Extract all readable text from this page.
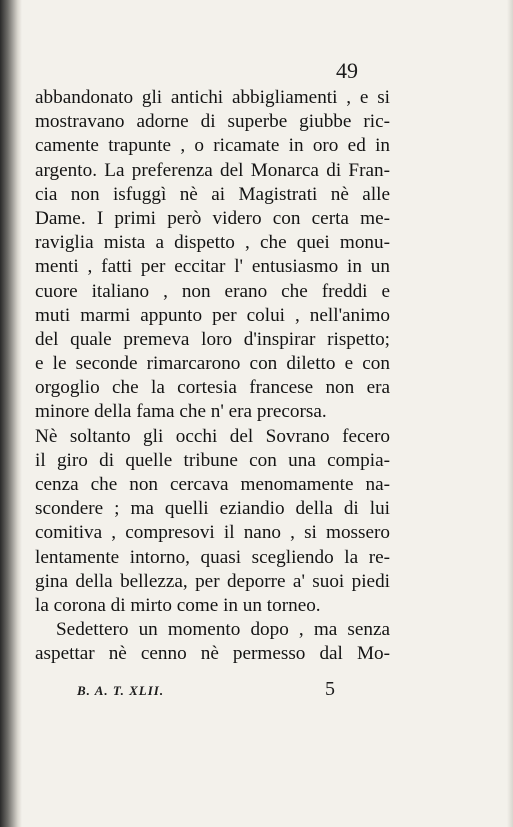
49
abbandonato gli antichi abbigliamenti , e si
mostravano adorne di superbe giubbe ric-
camente trapunte , o ricamate in oro ed in
argento. La preferenza del Monarca di Fran-
cia non isfuggì nè ai Magistrati nè alle
Dame. I primi però videro con certa me-
raviglia mista a dispetto , che quei monu-
menti , fatti per eccitar l' entusiasmo in un
cuore italiano , non erano che freddi e
muti marmi appunto per colui , nell'animo
del quale premeva loro d'inspirar rispetto;
e le seconde rimarcarono con diletto e con
orgoglio che la cortesia francese non era
minore della fama che n' era precorsa.
Nè soltanto gli occhi del Sovrano fecero
il giro di quelle tribune con una compia-
cenza che non cercava menomamente na-
scondere ; ma quelli eziandio della di lui
comitiva , compresovi il nano , si mossero
lentamente intorno, quasi scegliendo la re-
gina della bellezza, per deporre a' suoi piedi
la corona di mirto come in un torneo.
Sedettero un momento dopo , ma senza
aspettar nè cenno nè permesso dal Mo-
B. A. T. XLII.	5
